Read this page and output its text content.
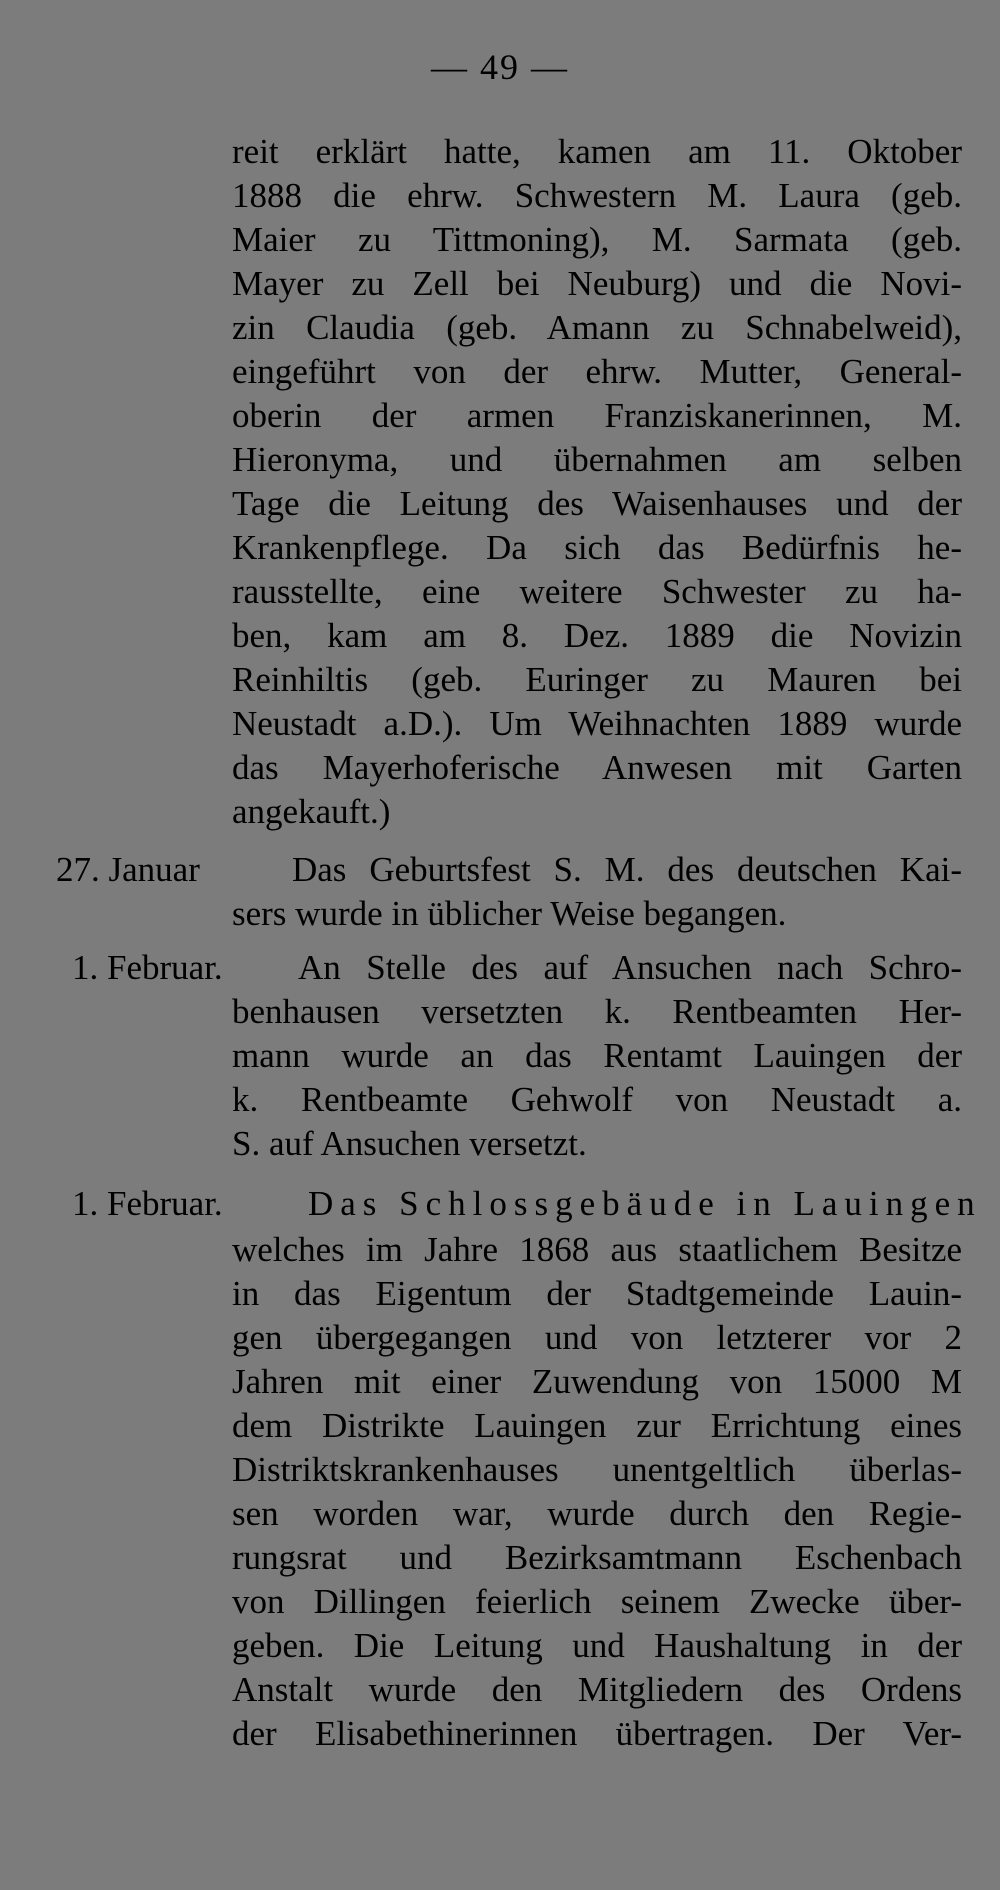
— 49 —
reit erklärt hatte, kamen am 11. Oktober
1888 die ehrw. Schwestern M. Laura (geb.
Maier zu Tittmoning), M. Sarmata (geb.
Mayer zu Zell bei Neuburg) und die Novi-
zin Claudia (geb. Amann zu Schnabelweid),
eingeführt von der ehrw. Mutter, General-
oberin der armen Franziskanerinnen, M.
Hieronyma, und übernahmen am selben
Tage die Leitung des Waisenhauses und der
Krankenpflege. Da sich das Bedürfnis he-
rausstellte, eine weitere Schwester zu ha-
ben, kam am 8. Dez. 1889 die Novizin
Reinhiltis (geb. Euringer zu Mauren bei
Neustadt a.D.). Um Weihnachten 1889 wurde
das Mayerhoferische Anwesen mit Garten
angekauft.)
27. Januar	Das Geburtsfest S. M. des deutschen Kai-
sers wurde in üblicher Weise begangen.
1. Februar. An Stelle des auf Ansuchen nach Schro-
benhausen versetzten k. Rentbeamten Her-
mann wurde an das Rentamt Lauingen der
k. Rentbeamte Gehwolf von Neustadt a.
S. auf Ansuchen versetzt.
1. Februar. Das Schlossgebäude in Lauingen
welches im Jahre 1868 aus staatlichem Besitze
in das Eigentum der Stadtgemeinde Lauin-
gen übergegangen und von letzterer vor 2
Jahren mit einer Zuwendung von 15000 M
dem Distrikte Lauingen zur Errichtung eines
Distriktskrankenhauses unentgeltlich überlas-
sen worden war, wurde durch den Regie-
rungsrat und Bezirksamtmann Eschenbach
von Dillingen feierlich seinem Zwecke über-
geben. Die Leitung und Haushaltung in der
Anstalt wurde den Mitgliedern des Ordens
der Elisabethinerinnen übertragen. Der Ver-
